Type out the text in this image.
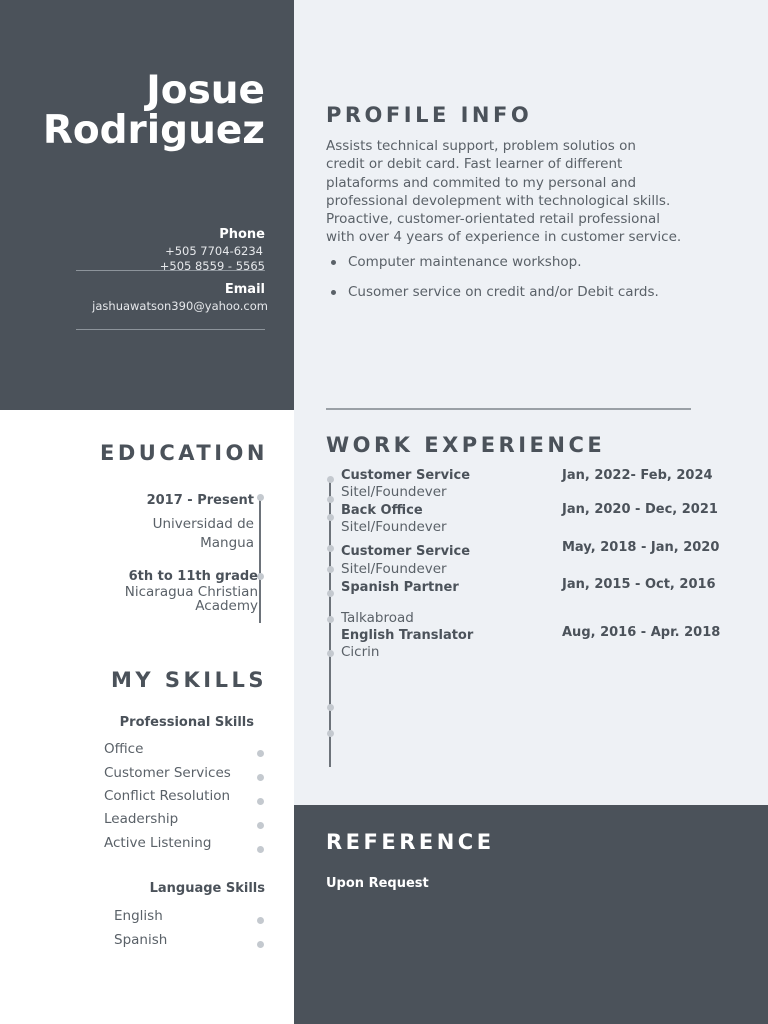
Josue
Rodriguez
Phone
+505 7704-6234
+505 8559 - 5565
Email
jashuawatson390@yahoo.com
PROFILE INFO
Assists technical support, problem solutios on
credit or debit card. Fast learner of different
plataforms and commited to my personal and
professional devolepment with technological skills.
Proactive, customer-orientated retail professional
with over 4 years of experience in customer service.
Computer maintenance workshop.
Cusomer service on credit and/or Debit cards.
EDUCATION
2017 - Present
Universidad de
Mangua
6th to 11th grade
Nicaragua Christian
Academy
MY SKILLS
Professional Skills
Office
Customer Services
Conflict Resolution
Leadership
Active Listening
Language Skills
English
Spanish
WORK EXPERIENCE
Customer Service
Sitel/Foundever
Back Office
Sitel/Foundever
Customer Service
Sitel/Foundever
Spanish Partner
Talkabroad
English Translator
Cicrin
Jan, 2022- Feb, 2024
Jan, 2020 - Dec, 2021
May, 2018 - Jan, 2020
Jan, 2015 - Oct, 2016
Aug, 2016 - Apr. 2018
REFERENCE
Upon Request
